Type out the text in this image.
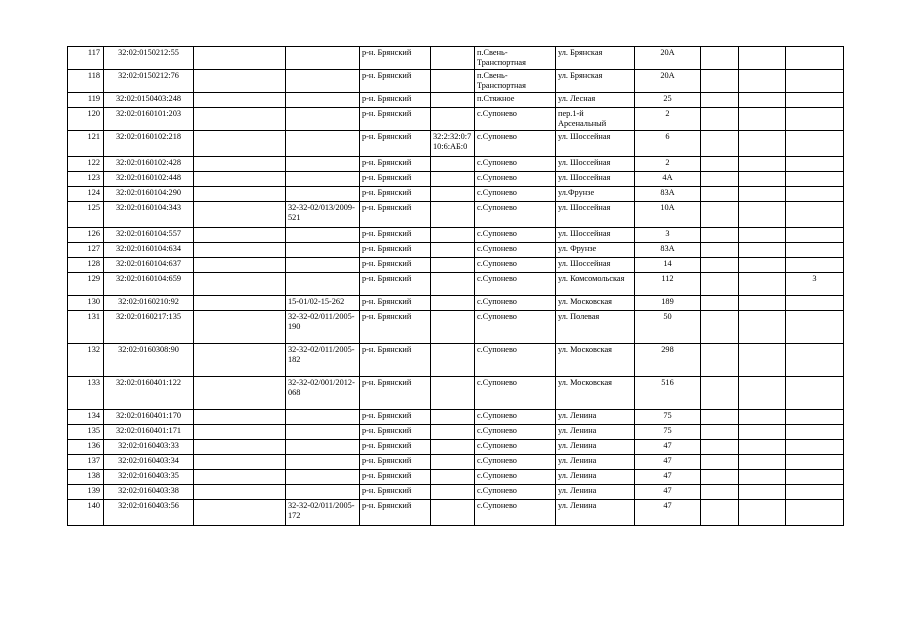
117	32:02:0150212:55			р-н. Брянский		п.Свень-Транспортная	ул. Брянская	20А			
118	32:02:0150212:76			р-н. Брянский		п.Свень-Транспортная	ул. Брянская	20А			
119	32:02:0150403:248			р-н. Брянский		п.Стяжное	ул. Лесная	25			
120	32:02:0160101:203			р-н. Брянский		с.Супонево	пер.1-й Арсенальный	2			
121	32:02:0160102:218			р-н. Брянский	32:2:32:0:7 10:6:АБ:0	с.Супонево	ул. Шоссейная	6			
122	32:02:0160102:428			р-н. Брянский		с.Супонево	ул. Шоссейная	2			
123	32:02:0160102:448			р-н. Брянский		с.Супонево	ул. Шоссейная	4А			
124	32:02:0160104:290			р-н. Брянский		с.Супонево	ул.Фрунзе	83А			
125	32:02:0160104:343		32-32-02/013/2009-521	р-н. Брянский		с.Супонево	ул. Шоссейная	10А			
126	32:02:0160104:557			р-н. Брянский		с.Супонево	ул. Шоссейная	3			
127	32:02:0160104:634			р-н. Брянский		с.Супонево	ул. Фрунзе	83А			
128	32:02:0160104:637			р-н. Брянский		с.Супонево	ул. Шоссейная	14			
129	32:02:0160104:659			р-н. Брянский		с.Супонево	ул. Комсомольская	112			3
130	32:02:0160210:92		15-01/02-15-262	р-н. Брянский		с.Супонево	ул. Московская	189			
131	32:02:0160217:135		32-32-02/011/2005-190	р-н. Брянский		с.Супонево	ул. Полевая	50			
132	32:02:0160308:90		32-32-02/011/2005-182	р-н. Брянский		с.Супонево	ул. Московская	298			
133	32:02:0160401:122		32-32-02/001/2012-068	р-н. Брянский		с.Супонево	ул. Московская	516			
134	32:02:0160401:170			р-н. Брянский		с.Супонево	ул. Ленина	75			
135	32:02:0160401:171			р-н. Брянский		с.Супонево	ул. Ленина	75			
136	32:02:0160403:33			р-н. Брянский		с.Супонево	ул. Ленина	47			
137	32:02:0160403:34			р-н. Брянский		с.Супонево	ул. Ленина	47			
138	32:02:0160403:35			р-н. Брянский		с.Супонево	ул. Ленина	47			
139	32:02:0160403:38			р-н. Брянский		с.Супонево	ул. Ленина	47			
140	32:02:0160403:56		32-32-02/011/2005-172	р-н. Брянский		с.Супонево	ул. Ленина	47			
